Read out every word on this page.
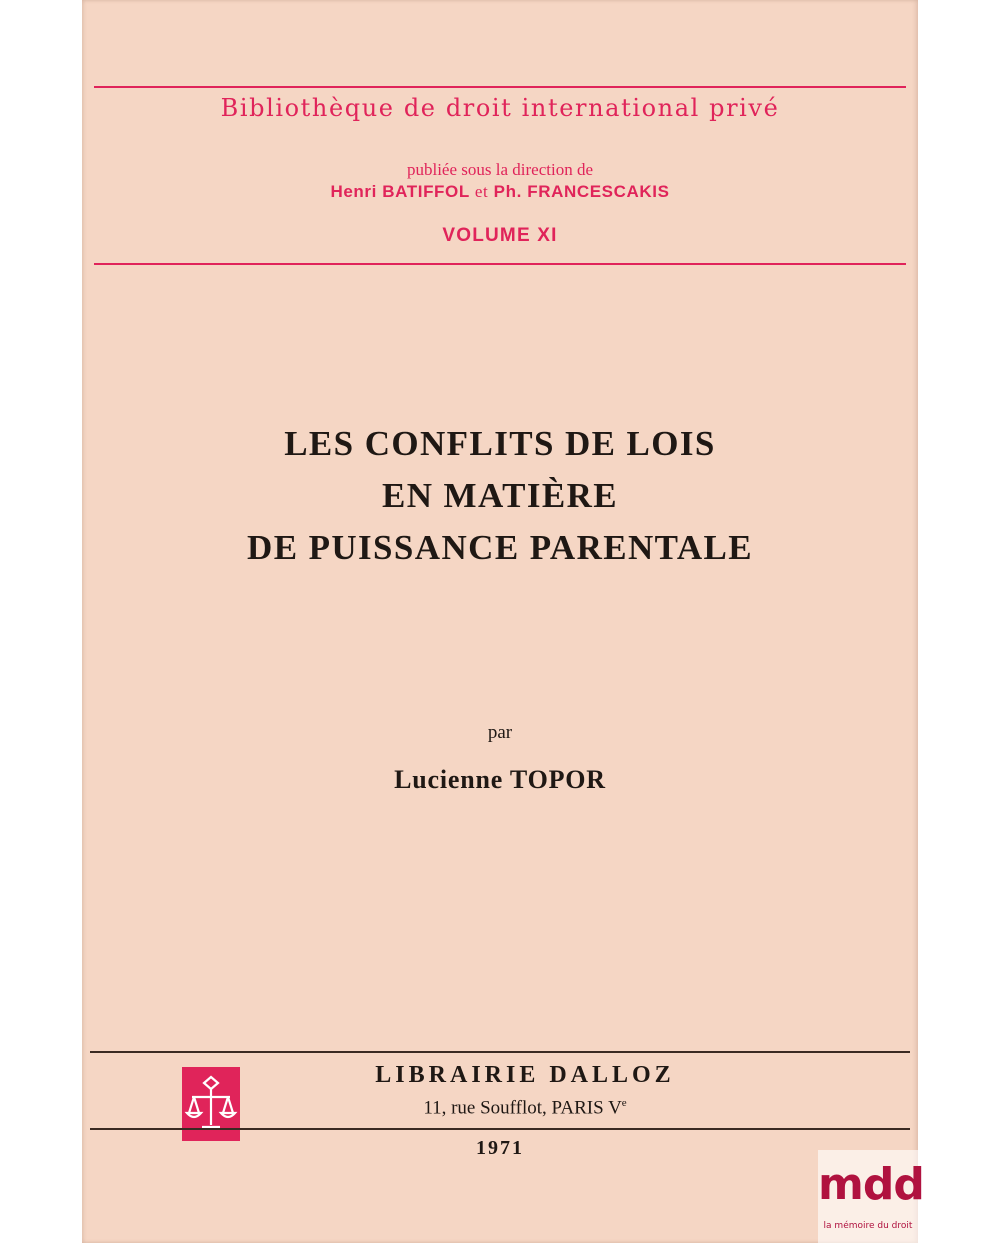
Bibliothèque de droit international privé
publiée sous la direction de
Henri BATIFFOL et Ph. FRANCESCAKIS
VOLUME XI
LES CONFLITS DE LOIS
EN MATIÈRE
DE PUISSANCE PARENTALE
par
Lucienne TOPOR
LIBRAIRIE DALLOZ
11, rue Soufflot, PARIS Ve
1971
mdd
la mémoire du droit
